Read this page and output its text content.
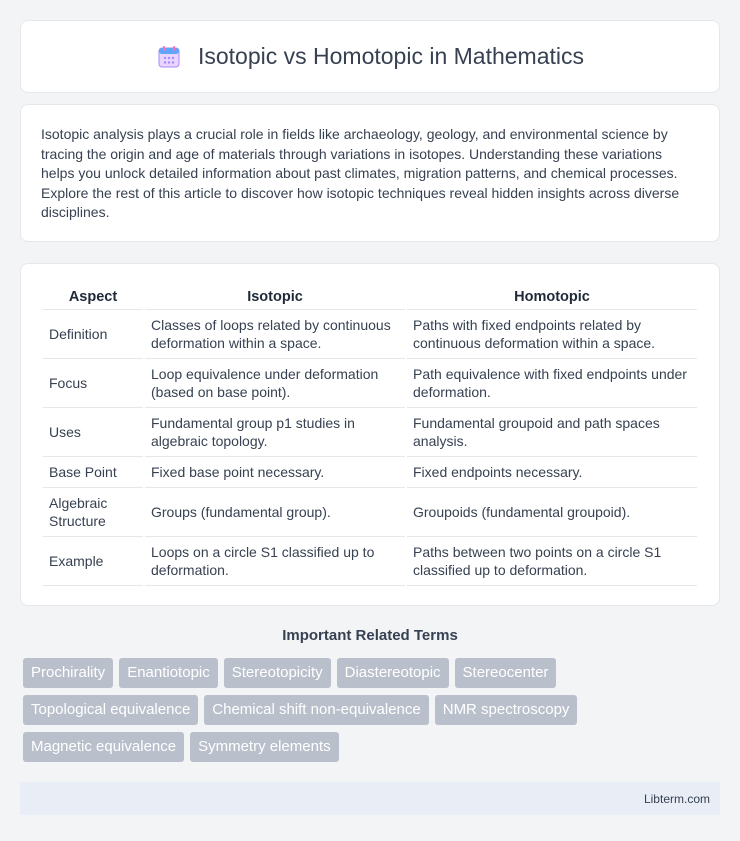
Isotopic vs Homotopic in Mathematics

Isotopic analysis plays a crucial role in fields like archaeology, geology, and environmental science by tracing the origin and age of materials through variations in isotopes. Understanding these variations helps you unlock detailed information about past climates, migration patterns, and chemical processes. Explore the rest of this article to discover how isotopic techniques reveal hidden insights across diverse disciplines.

Aspect	Isotopic	Homotopic
Definition	Classes of loops related by continuous deformation within a space.	Paths with fixed endpoints related by continuous deformation within a space.
Focus	Loop equivalence under deformation (based on base point).	Path equivalence with fixed endpoints under deformation.
Uses	Fundamental group p1 studies in algebraic topology.	Fundamental groupoid and path spaces analysis.
Base Point	Fixed base point necessary.	Fixed endpoints necessary.
Algebraic Structure	Groups (fundamental group).	Groupoids (fundamental groupoid).
Example	Loops on a circle S1 classified up to deformation.	Paths between two points on a circle S1 classified up to deformation.
Important Related Terms
Prochirality	Enantiotopic	Stereotopicity	Diastereotopic	Stereocenter
Topological equivalence	Chemical shift non-equivalence	NMR spectroscopy
Magnetic equivalence	Symmetry elements
Libterm.com
